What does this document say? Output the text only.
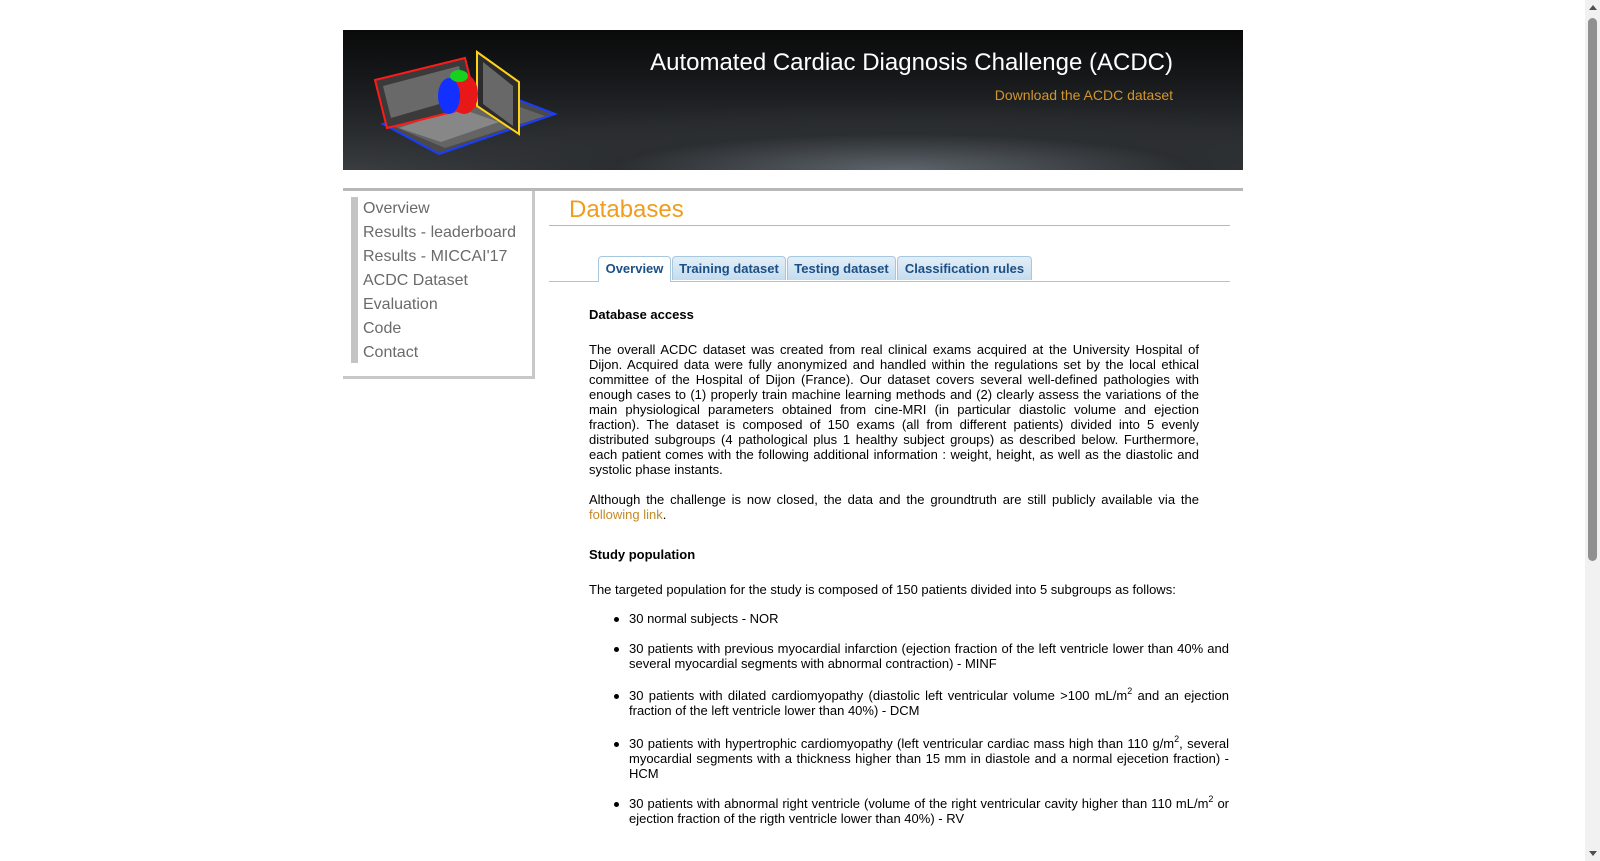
Automated Cardiac Diagnosis Challenge (ACDC)
Download the ACDC dataset
Overview
Results - leaderboard
Results - MICCAI'17
ACDC Dataset
Evaluation
Code
Contact
Databases
Overview	Training dataset	Testing dataset	Classification rules
Database access

The overall ACDC dataset was created from real clinical exams acquired at the University Hospital of Dijon. Acquired data were fully anonymized and handled within the regulations set by the local ethical committee of the Hospital of Dijon (France). Our dataset covers several well-defined pathologies with enough cases to (1) properly train machine learning methods and (2) clearly assess the variations of the main physiological parameters obtained from cine-MRI (in particular diastolic volume and ejection fraction). The dataset is composed of 150 exams (all from different patients) divided into 5 evenly distributed subgroups (4 pathological plus 1 healthy subject groups) as described below. Furthermore, each patient comes with the following additional information : weight, height, as well as the diastolic and systolic phase instants.

Although the challenge is now closed, the data and the groundtruth are still publicly available via the following link.

Study population

The targeted population for the study is composed of 150 patients divided into 5 subgroups as follows:

30 normal subjects - NOR
30 patients with previous myocardial infarction (ejection fraction of the left ventricle lower than 40% and several myocardial segments with abnormal contraction) - MINF
30 patients with dilated cardiomyopathy (diastolic left ventricular volume >100 $mL/m^2$ and an ejection fraction of the left ventricle lower than 40%) - DCM
30 patients with hypertrophic cardiomyopathy (left ventricular cardiac mass high than 110 $g/m^2$, several myocardial segments with a thickness higher than 15 mm in diastole and a normal ejecetion fraction) - HCM
30 patients with abnormal right ventricle (volume of the right ventricular cavity higher than 110 $mL/m^2$ or ejection fraction of the rigth ventricle lower than 40%) - RV
